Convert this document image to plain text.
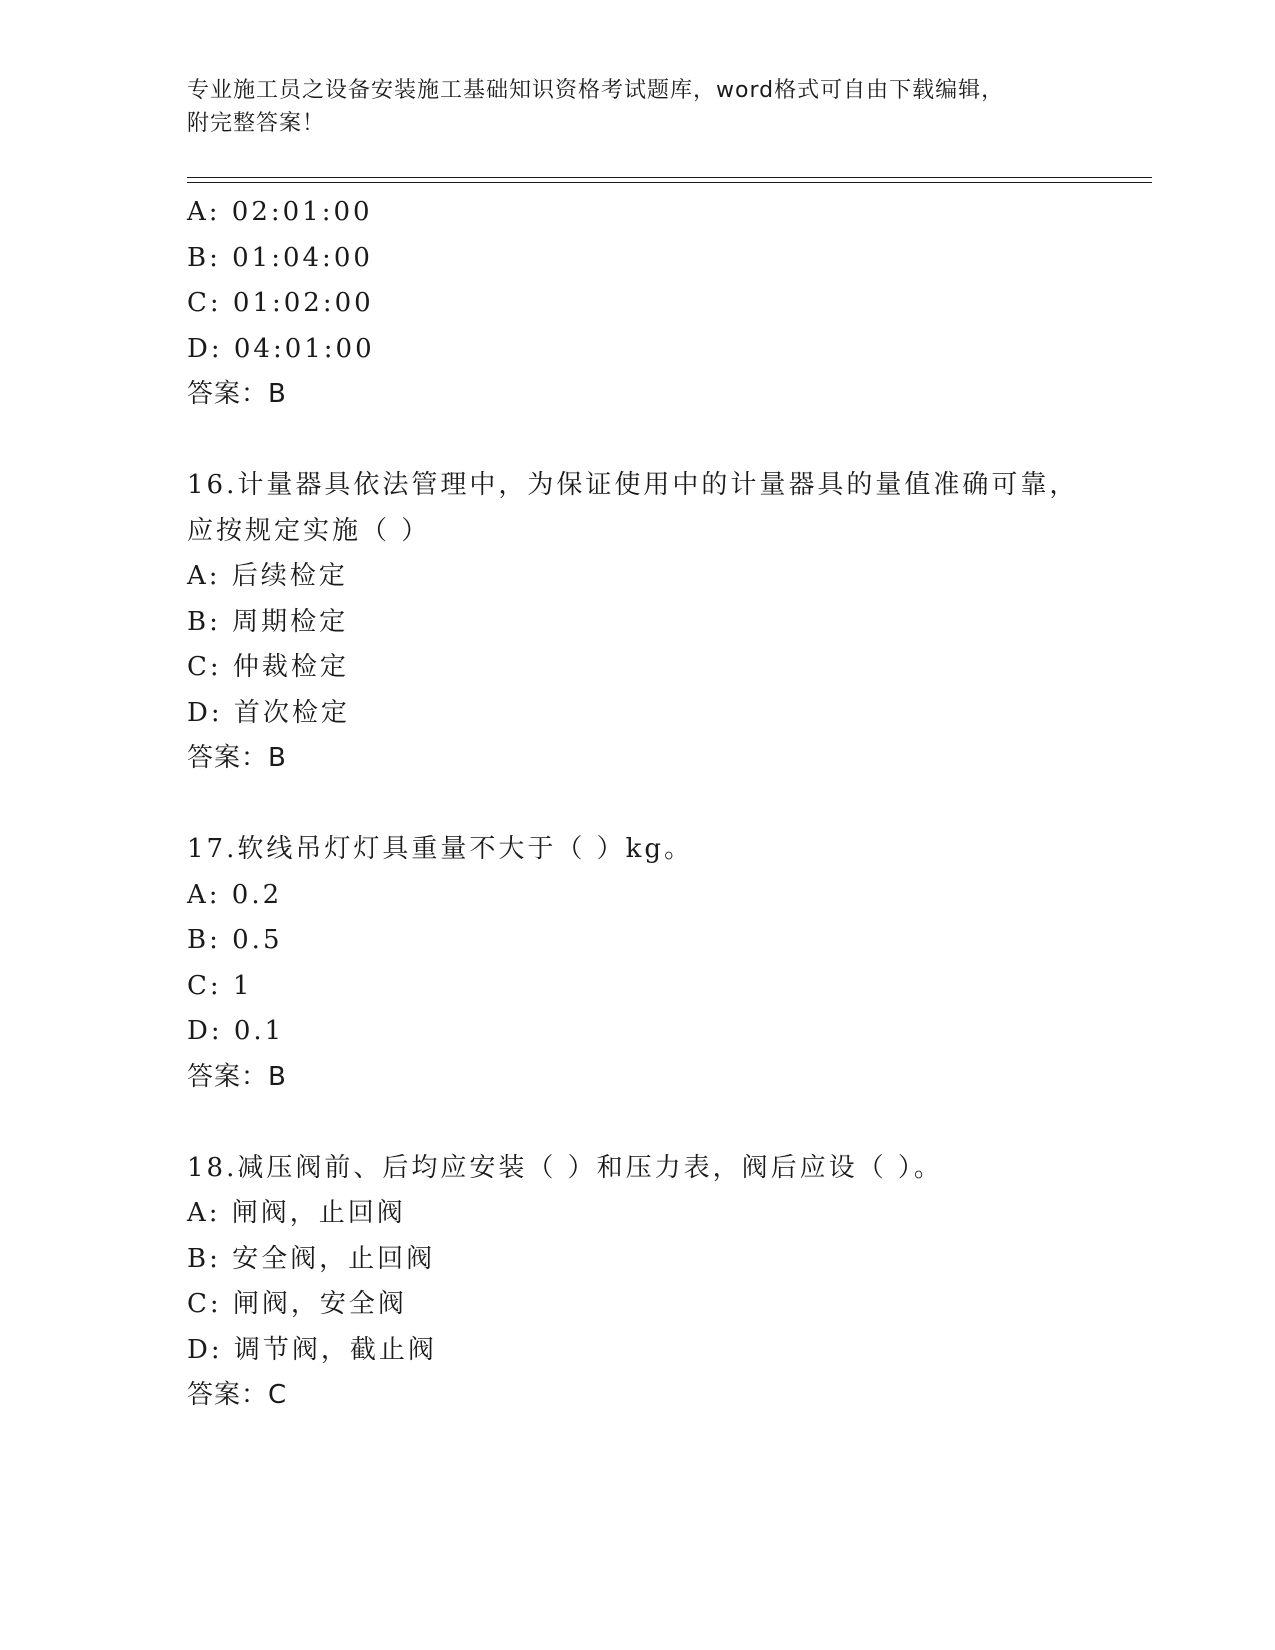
专业施工员之设备安装施工基础知识资格考试题库，word格式可自由下载编辑，
附完整答案！
A: 02:01:00
B: 01:04:00
C: 01:02:00
D: 04:01:00
答案：B
16.计量器具依法管理中，为保证使用中的计量器具的量值准确可靠，
应按规定实施（ ）
A: 后续检定
B: 周期检定
C: 仲裁检定
D: 首次检定
答案：B
17.软线吊灯灯具重量不大于（ ）kg。
A: 0.2
B: 0.5
C: 1
D: 0.1
答案：B
18.减压阀前、后均应安装（ ）和压力表，阀后应设（ ）。
A: 闸阀，止回阀
B: 安全阀，止回阀
C: 闸阀，安全阀
D: 调节阀，截止阀
答案：C
